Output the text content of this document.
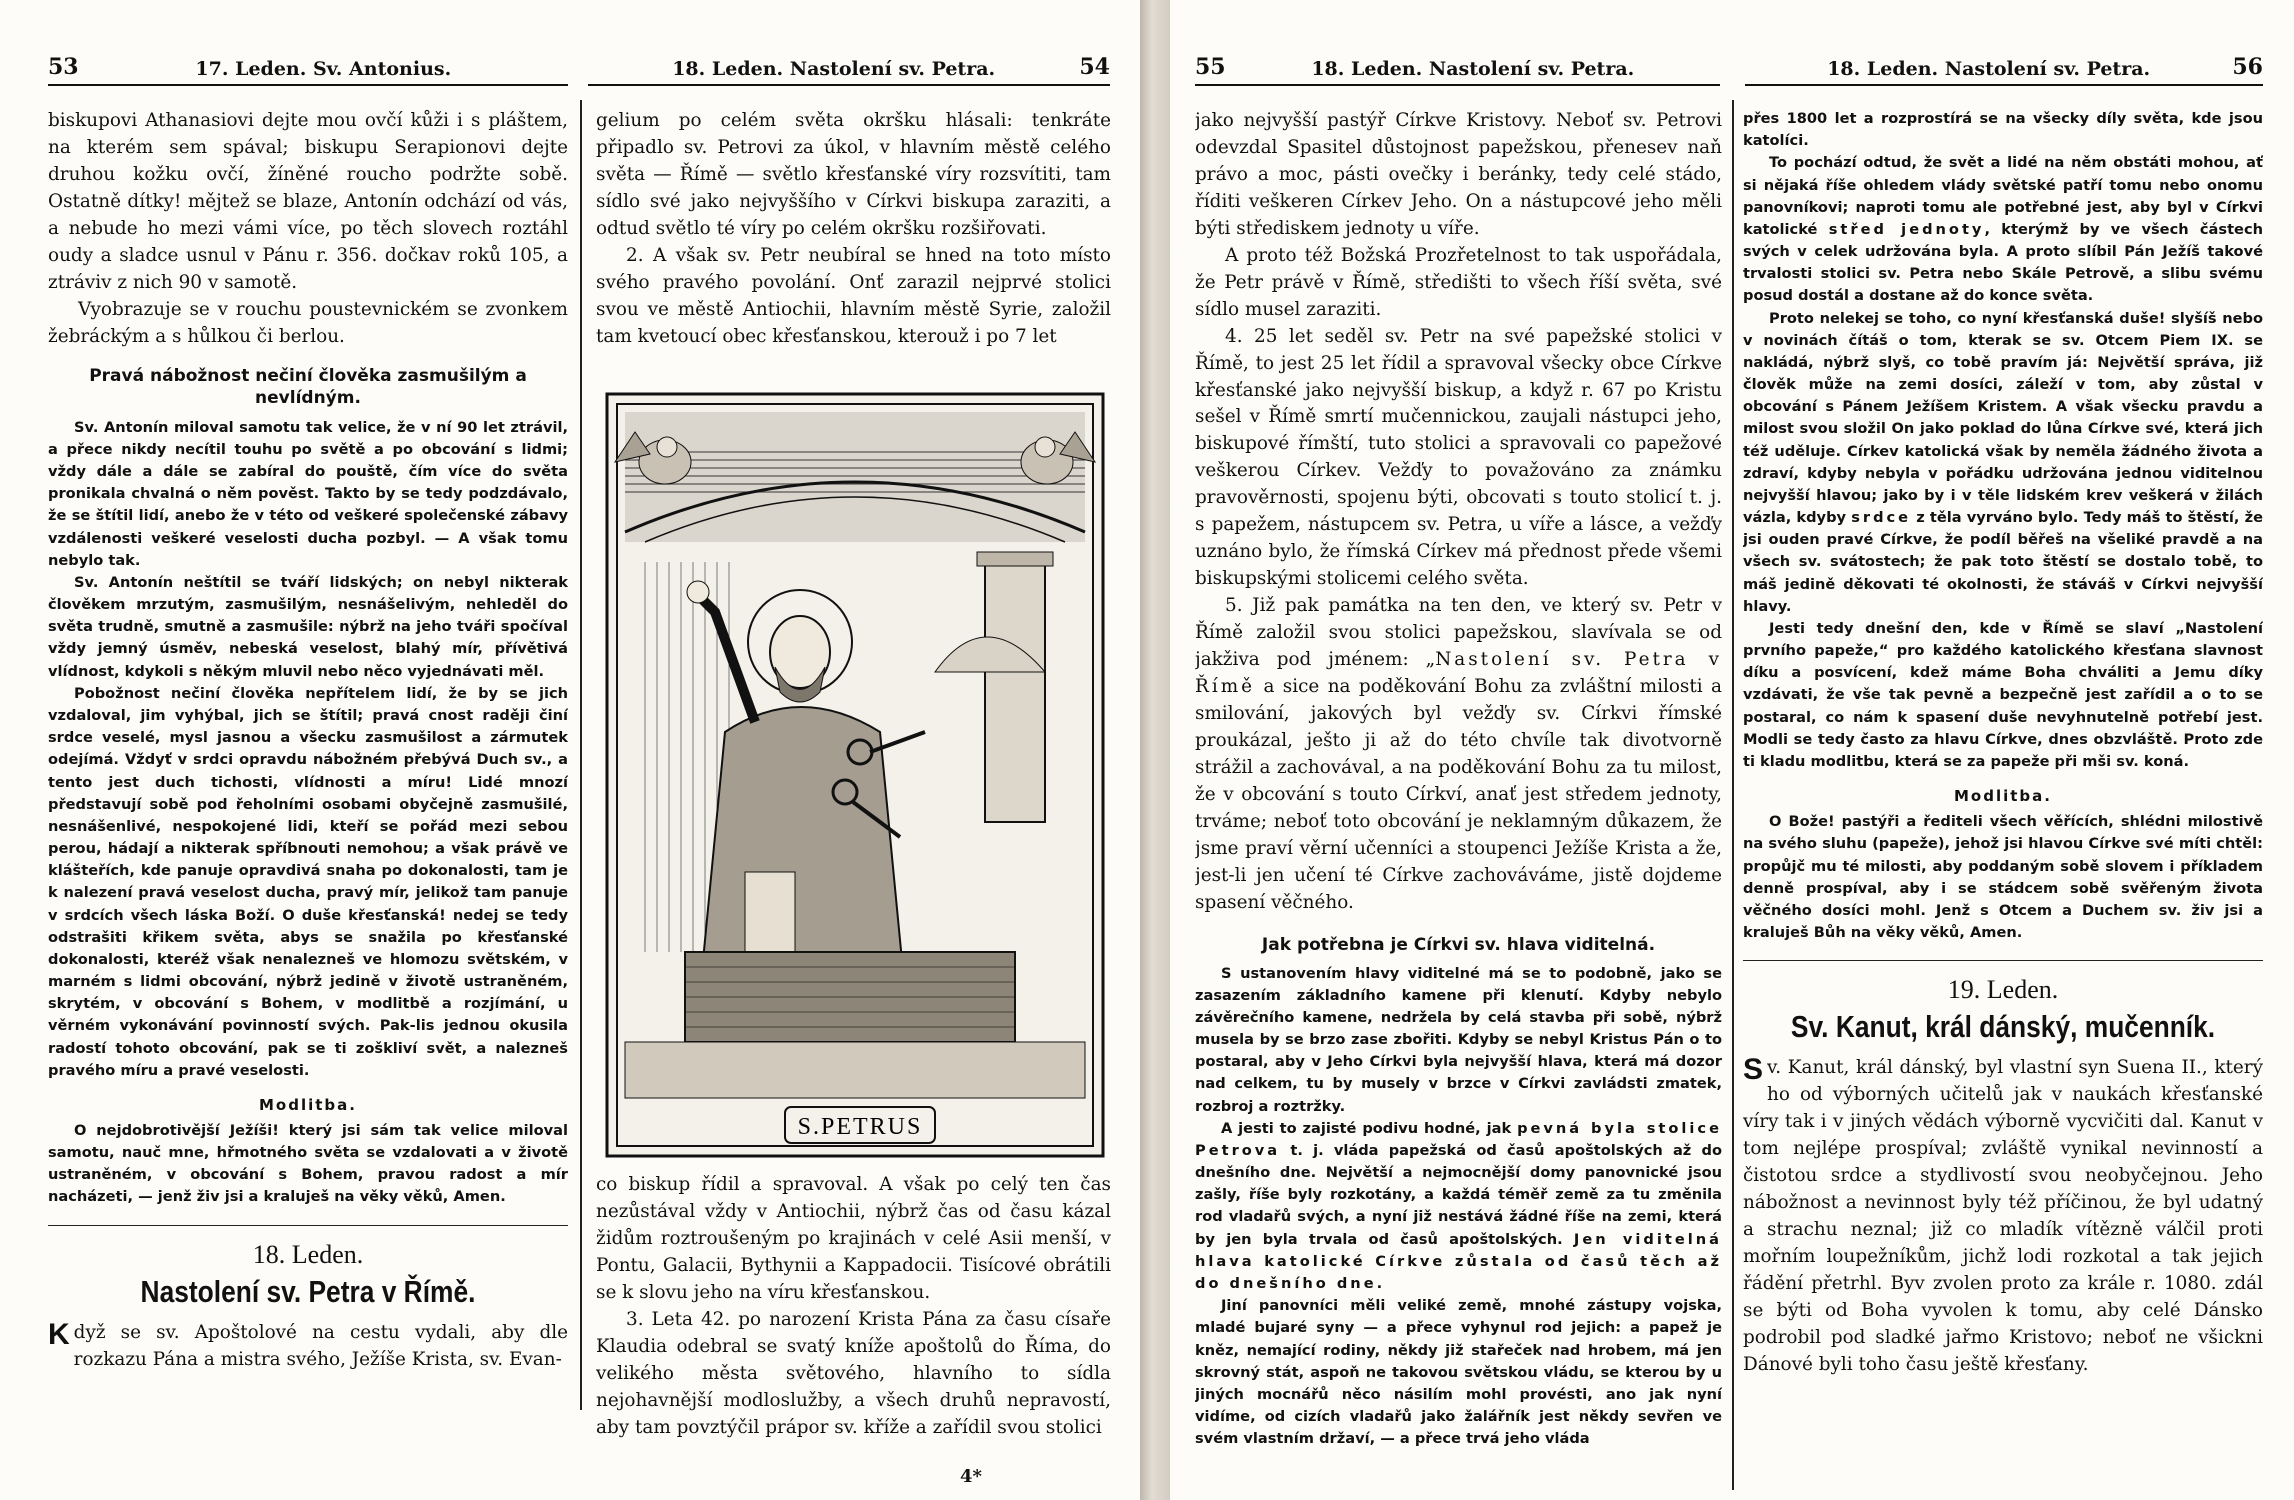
53	17. Leden. Sv. Antonius.	18. Leden. Nastolení sv. Petra.	54

biskupovi Athanasiovi dejte mou ovčí kůži i s pláštem, na kterém sem spával; biskupu Serapionovi dejte druhou kožku ovčí, žíněné roucho podržte sobě. Ostatně dítky! mějtež se blaze, Antonín odchází od vás, a nebude ho mezi vámi více, po těch slovech roztáhl oudy a sladce usnul v Pánu r. 356. dočkav roků 105, a ztráviv z nich 90 v samotě.

Vyobrazuje se v rouchu poustevnickém se zvonkem žebráckým a s hůlkou či berlou.

Pravá nábožnost nečiní člověka zasmušilým a nevlídným.

Sv. Antonín miloval samotu tak velice, že v ní 90 let ztrávil, a přece nikdy necítil touhu po světě a po obcování s lidmi; vždy dále a dále se zabíral do pouště, čím více do světa pronikala chvalná o něm pověst. Takto by se tedy podzdávalo, že se štítil lidí, anebo že v této od veškeré společenské zábavy vzdálenosti veškeré veselosti ducha pozbyl. — A však tomu nebylo tak.

Sv. Antonín neštítil se tváří lidských; on nebyl nikterak člověkem mrzutým, zasmušilým, nesnášelivým, nehleděl do světa trudně, smutně a zasmušile: nýbrž na jeho tváři spočíval vždy jemný úsměv, nebeská veselost, blahý mír, přívětivá vlídnost, kdykoli s někým mluvil nebo něco vyjednávati měl.

Pobožnost nečiní člověka nepřítelem lidí, že by se jich vzdaloval, jim vyhýbal, jich se štítil; pravá cnost raději činí srdce veselé, mysl jasnou a všecku zasmušilost a zármutek odejímá. Vždyť v srdci opravdu nábožném přebývá Duch sv., a tento jest duch tichosti, vlídnosti a míru! Lidé mnozí představují sobě pod řeholními osobami obyčejně zasmušilé, nesnášenlivé, nespokojené lidi, kteří se pořád mezi sebou perou, hádají a nikterak spříbnouti nemohou; a však právě ve klášteřích, kde panuje opravdivá snaha po dokonalosti, tam je k nalezení pravá veselost ducha, pravý mír, jelikož tam panuje v srdcích všech láska Boží. O duše křesťanská! nedej se tedy odstrašiti křikem světa, abys se snažila po křesťanské dokonalosti, kteréž však nenalezneš ve hlomozu světském, v marném s lidmi obcování, nýbrž jedině v životě ustraněném, skrytém, v obcování s Bohem, v modlitbě a rozjímání, u věrném vykonávání povinností svých. Pak-lis jednou okusila radostí tohoto obcování, pak se ti zoškliví svět, a nalezneš pravého míru a pravé veselosti.

Modlitba.

O nejdobrotivější Ježíši! který jsi sám tak velice miloval samotu, nauč mne, hřmotného světa se vzdalovati a v životě ustraněném, v obcování s Bohem, pravou radost a mír nacházeti, — jenž živ jsi a kraluješ na věky věků, Amen.

18. Leden.

Nastolení sv. Petra v Římě.

Když se sv. Apoštolové na cestu vydali, aby dle rozkazu Pána a mistra svého, Ježíše Krista, sv. Evan-

gelium po celém světa okršku hlásali: tenkráte připadlo sv. Petrovi za úkol, v hlavním městě celého světa — Římě — světlo křesťanské víry rozsvítiti, tam sídlo své jako nejvyššího v Církvi biskupa zaraziti, a odtud světlo té víry po celém okršku rozšiřovati.

2. A však sv. Petr neubíral se hned na toto místo svého pravého povolání. Onť zarazil nejprvé stolici svou ve městě Antiochii, hlavním městě Syrie, založil tam kvetoucí obec křesťanskou, kterouž i po 7 let

S.PETRUS

co biskup řídil a spravoval. A však po celý ten čas nezůstával vždy v Antiochii, nýbrž čas od času kázal židům roztroušeným po krajinách v celé Asii menší, v Pontu, Galacii, Bythynii a Kappadocii. Tisícové obrátili se k slovu jeho na víru křesťanskou.

3. Leta 42. po narození Krista Pána za času císaře Klaudia odebral se svatý kníže apoštolů do Říma, do velikého města světového, hlavního to sídla nejohavnější modloslužby, a všech druhů nepravostí, aby tam povztýčil prápor sv. kříže a zařídil svou stolici

4*
55	18. Leden. Nastolení sv. Petra.	18. Leden. Nastolení sv. Petra.	56

jako nejvyšší pastýř Církve Kristovy. Neboť sv. Petrovi odevzdal Spasitel důstojnost papežskou, přenesev naň právo a moc, pásti ovečky i beránky, tedy celé stádo, říditi veškeren Církev Jeho. On a nástupcové jeho měli býti střediskem jednoty u víře.

A proto též Božská Prozřetelnost to tak uspořádala, že Petr právě v Římě, středišti to všech říší světa, své sídlo musel zaraziti.

4. 25 let seděl sv. Petr na své papežské stolici v Římě, to jest 25 let řídil a spravoval všecky obce Církve křesťanské jako nejvyšší biskup, a když r. 67 po Kristu sešel v Římě smrtí mučennickou, zaujali nástupci jeho, biskupové římští, tuto stolici a spravovali co papežové veškerou Církev. Vežďy to považováno za známku pravověrnosti, spojenu býti, obcovati s touto stolicí t. j. s papežem, nástupcem sv. Petra, u víře a lásce, a vežďy uznáno bylo, že římská Církev má přednost přede všemi biskupskými stolicemi celého světa.

5. Již pak památka na ten den, ve který sv. Petr v Římě založil svou stolici papežskou, slavívala se od jakživa pod jménem: „Nastolení sv. Petra v Římě a sice na poděkování Bohu za zvláštní milosti a smilování, jakových byl vežďy sv. Církvi římské proukázal, ješto ji až do této chvíle tak divotvorně strážil a zachovával, a na poděkování Bohu za tu milost, že v obcování s touto Církví, anať jest středem jednoty, trváme; neboť toto obcování je neklamným důkazem, že jsme praví věrní učenníci a stoupenci Ježíše Krista a že, jest-li jen učení té Církve zachováváme, jistě dojdeme spasení věčného.

Jak potřebna je Církvi sv. hlava viditelná.

S ustanovením hlavy viditelné má se to podobně, jako se zasazením základního kamene při klenutí. Kdyby nebylo závěrečního kamene, nedržela by celá stavba při sobě, nýbrž musela by se brzo zase zbořiti. Kdyby se nebyl Kristus Pán o to postaral, aby v Jeho Církvi byla nejvyšší hlava, která má dozor nad celkem, tu by musely v brzce v Církvi zavládsti zmatek, rozbroj a roztržky.

A jesti to zajisté podivu hodné, jak pevná byla stolice Petrova t. j. vláda papežská od časů apoštolských až do dnešního dne. Největší a nejmocnější domy panovnické jsou zašly, říše byly rozkotány, a každá téměř země za tu změnila rod vladařů svých, a nyní již nestává žádné říše na zemi, která by jen byla trvala od časů apoštolských. Jen viditelná hlava katolické Církve zůstala od časů těch až do dnešního dne.

Jiní panovníci měli veliké země, mnohé zástupy vojska, mladé bujaré syny — a přece vyhynul rod jejich: a papež je kněz, nemající rodiny, někdy již stařeček nad hrobem, má jen skrovný stát, aspoň ne takovou světskou vládu, se kterou by u jiných mocnářů něco násilím mohl provésti, ano jak nyní vidíme, od cizích vladařů jako žalářník jest někdy sevřen ve svém vlastním državí, — a přece trvá jeho vláda

přes 1800 let a rozprostírá se na všecky díly světa, kde jsou katolíci.

To pochází odtud, že svět a lidé na něm obstáti mohou, ať si nějaká říše ohledem vlády světské patří tomu nebo onomu panovníkovi; naproti tomu ale potřebné jest, aby byl v Církvi katolické střed jednoty, kterýmž by ve všech částech svých v celek udržována byla. A proto slíbil Pán Ježíš takové trvalosti stolici sv. Petra nebo Skále Petrově, a slibu svému posud dostál a dostane až do konce světa.

Proto nelekej se toho, co nyní křesťanská duše! slyšíš nebo v novinách čítáš o tom, kterak se sv. Otcem Piem IX. se nakládá, nýbrž slyš, co tobě pravím já: Největší správa, již člověk může na zemi dosíci, záleží v tom, aby zůstal v obcování s Pánem Ježíšem Kristem. A však všecku pravdu a milost svou složil On jako poklad do lůna Církve své, která jich též uděluje. Církev katolická však by neměla žádného života a zdraví, kdyby nebyla v pořádku udržována jednou viditelnou nejvyšší hlavou; jako by i v těle lidském krev veškerá v žilách vázla, kdyby srdce z těla vyrváno bylo. Tedy máš to štěstí, že jsi ouden pravé Církve, že podíl běřeš na všeliké pravdě a na všech sv. svátostech; že pak toto štěstí se dostalo tobě, to máš jedině děkovati té okolnosti, že stáváš v Církvi nejvyšší hlavy.

Jesti tedy dnešní den, kde v Římě se slaví „Nastolení prvního papeže,“ pro každého katolického křesťana slavnost díku a posvícení, kdež máme Boha chváliti a Jemu díky vzdávati, že vše tak pevně a bezpečně jest zařídil a o to se postaral, co nám k spasení duše nevyhnutelně potřebí jest. Modli se tedy často za hlavu Církve, dnes obzvláště. Proto zde ti kladu modlitbu, která se za papeže při mši sv. koná.

Modlitba.

O Bože! pastýři a řediteli všech věřících, shlédni milostivě na svého sluhu (papeže), jehož jsi hlavou Církve své míti chtěl: propůjč mu té milosti, aby poddaným sobě slovem i příkladem denně prospíval, aby i se stádcem sobě svěřeným života věčného dosíci mohl. Jenž s Otcem a Duchem sv. živ jsi a kraluješ Bůh na věky věků, Amen.

19. Leden.

Sv. Kanut, král dánský, mučenník.

Sv. Kanut, král dánský, byl vlastní syn Suena II., který ho od výborných učitelů jak v naukách křesťanské víry tak i v jiných vědách výborně vycvičiti dal. Kanut v tom nejlépe prospíval; zvláště vynikal nevinností a čistotou srdce a stydlivostí svou neobyčejnou. Jeho nábožnost a nevinnost byly též příčinou, že byl udatný a strachu neznal; již co mladík vítězně válčil proti mořním loupežníkům, jichž lodi rozkotal a tak jejich řádění přetrhl. Byv zvolen proto za krále r. 1080. zdál se býti od Boha vyvolen k tomu, aby celé Dánsko podrobil pod sladké jařmo Kristovo; neboť ne všickni Dánové byli toho času ještě křesťany.
